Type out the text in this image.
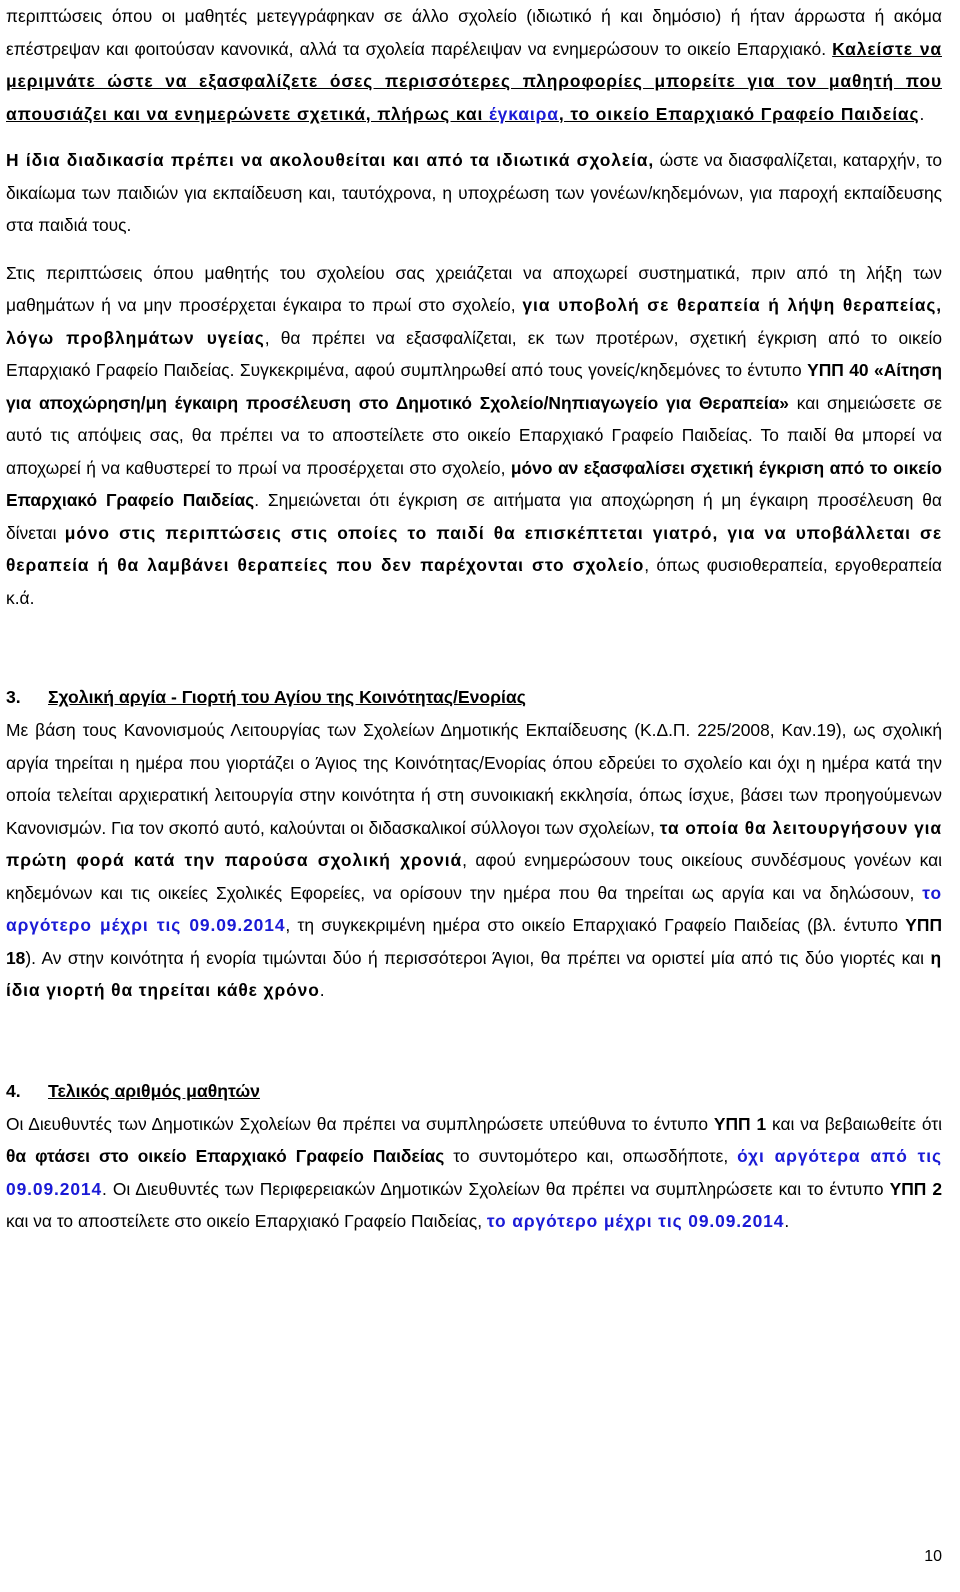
περιπτώσεις όπου οι μαθητές μετεγγράφηκαν σε άλλο σχολείο (ιδιωτικό ή και δημόσιο) ή ήταν άρρωστα ή ακόμα επέστρεψαν και φοιτούσαν κανονικά, αλλά τα σχολεία παρέλειψαν να ενημερώσουν το οικείο Επαρχιακό. Καλείστε να μεριμνάτε ώστε να εξασφαλίζετε όσες περισσότερες πληροφορίες μπορείτε για τον μαθητή που απουσιάζει και να ενημερώνετε σχετικά, πλήρως και έγκαιρα, το οικείο Επαρχιακό Γραφείο Παιδείας.

Η ίδια διαδικασία πρέπει να ακολουθείται και από τα ιδιωτικά σχολεία, ώστε να διασφαλίζεται, καταρχήν, το δικαίωμα των παιδιών για εκπαίδευση και, ταυτόχρονα, η υποχρέωση των γονέων/κηδεμόνων, για παροχή εκπαίδευσης στα παιδιά τους.

Στις περιπτώσεις όπου μαθητής του σχολείου σας χρειάζεται να αποχωρεί συστηματικά, πριν από τη λήξη των μαθημάτων ή να μην προσέρχεται έγκαιρα το πρωί στο σχολείο, για υποβολή σε θεραπεία ή λήψη θεραπείας, λόγω προβλημάτων υγείας, θα πρέπει να εξασφαλίζεται, εκ των προτέρων, σχετική έγκριση από το οικείο Επαρχιακό Γραφείο Παιδείας. Συγκεκριμένα, αφού συμπληρωθεί από τους γονείς/κηδεμόνες το έντυπο ΥΠΠ 40 «Αίτηση για αποχώρηση/μη έγκαιρη προσέλευση στο Δημοτικό Σχολείο/Νηπιαγωγείο για Θεραπεία» και σημειώσετε σε αυτό τις απόψεις σας, θα πρέπει να το αποστείλετε στο οικείο Επαρχιακό Γραφείο Παιδείας. Το παιδί θα μπορεί να αποχωρεί ή να καθυστερεί το πρωί να προσέρχεται στο σχολείο, μόνο αν εξασφαλίσει σχετική έγκριση από το οικείο Επαρχιακό Γραφείο Παιδείας. Σημειώνεται ότι έγκριση σε αιτήματα για αποχώρηση ή μη έγκαιρη προσέλευση θα δίνεται μόνο στις περιπτώσεις στις οποίες το παιδί θα επισκέπτεται γιατρό, για να υποβάλλεται σε θεραπεία ή θα λαμβάνει θεραπείες που δεν παρέχονται στο σχολείο, όπως φυσιοθεραπεία, εργοθεραπεία κ.ά.

3. Σχολική αργία - Γιορτή του Αγίου της Κοινότητας/Ενορίας

Με βάση τους Κανονισμούς Λειτουργίας των Σχολείων Δημοτικής Εκπαίδευσης (Κ.Δ.Π. 225/2008, Καν.19), ως σχολική αργία τηρείται η ημέρα που γιορτάζει ο Άγιος της Κοινότητας/Ενορίας όπου εδρεύει το σχολείο και όχι η ημέρα κατά την οποία τελείται αρχιερατική λειτουργία στην κοινότητα ή στη συνοικιακή εκκλησία, όπως ίσχυε, βάσει των προηγούμενων Κανονισμών. Για τον σκοπό αυτό, καλούνται οι διδασκαλικοί σύλλογοι των σχολείων, τα οποία θα λειτουργήσουν για πρώτη φορά κατά την παρούσα σχολική χρονιά, αφού ενημερώσουν τους οικείους συνδέσμους γονέων και κηδεμόνων και τις οικείες Σχολικές Εφορείες, να ορίσουν την ημέρα που θα τηρείται ως αργία και να δηλώσουν, το αργότερο μέχρι τις 09.09.2014, τη συγκεκριμένη ημέρα στο οικείο Επαρχιακό Γραφείο Παιδείας (βλ. έντυπο ΥΠΠ 18). Αν στην κοινότητα ή ενορία τιμώνται δύο ή περισσότεροι Άγιοι, θα πρέπει να οριστεί μία από τις δύο γιορτές και η ίδια γιορτή θα τηρείται κάθε χρόνο.

4. Τελικός αριθμός μαθητών

Οι Διευθυντές των Δημοτικών Σχολείων θα πρέπει να συμπληρώσετε υπεύθυνα το έντυπο ΥΠΠ 1 και να βεβαιωθείτε ότι θα φτάσει στο οικείο Επαρχιακό Γραφείο Παιδείας το συντομότερο και, οπωσδήποτε, όχι αργότερα από τις 09.09.2014. Οι Διευθυντές των Περιφερειακών Δημοτικών Σχολείων θα πρέπει να συμπληρώσετε και το έντυπο ΥΠΠ 2 και να το αποστείλετε στο οικείο Επαρχιακό Γραφείο Παιδείας, το αργότερο μέχρι τις 09.09.2014.

10
